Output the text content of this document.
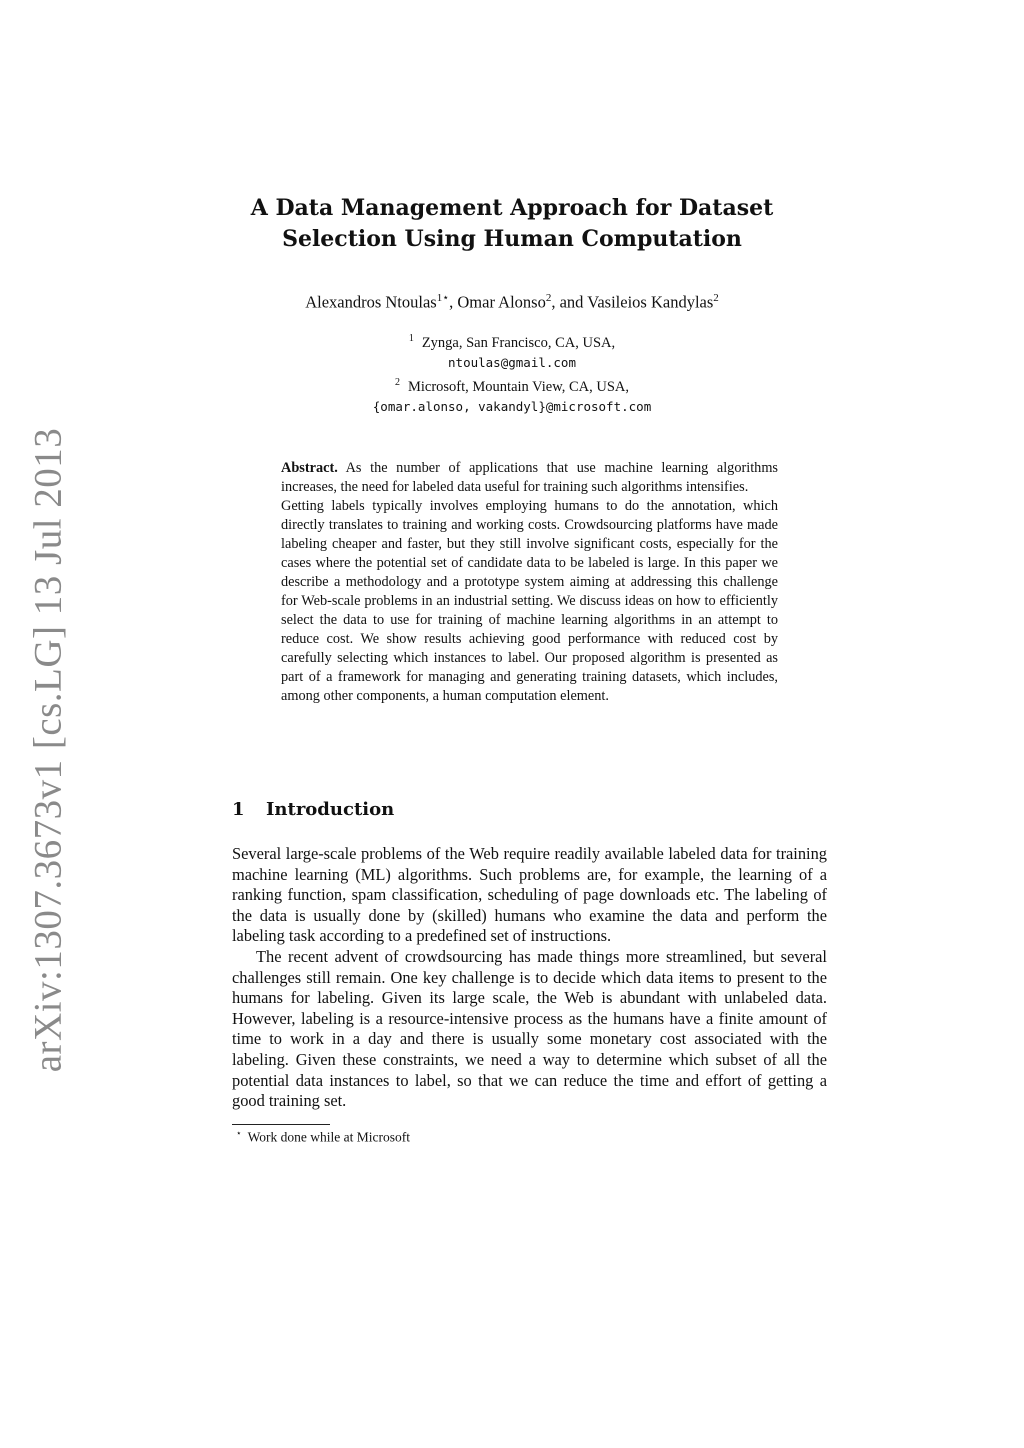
arXiv:1307.3673v1 [cs.LG] 13 Jul 2013
A Data Management Approach for Dataset
Selection Using Human Computation
Alexandros Ntoulas$^{1⋆}$, Omar Alonso$^2$, and Vasileios Kandylas$^2$
$^1$ Zynga, San Francisco, CA, USA,
ntoulas@gmail.com
$^2$ Microsoft, Mountain View, CA, USA,
{omar.alonso, vakandyl}@microsoft.com

Abstract. As the number of applications that use machine learning algorithms increases, the need for labeled data useful for training such algorithms intensifies.

Getting labels typically involves employing humans to do the annotation, which directly translates to training and working costs. Crowdsourcing platforms have made labeling cheaper and faster, but they still involve significant costs, especially for the cases where the potential set of candidate data to be labeled is large. In this paper we describe a methodology and a prototype system aiming at addressing this challenge for Web-scale problems in an industrial setting. We discuss ideas on how to efficiently select the data to use for training of machine learning algorithms in an attempt to reduce cost. We show results achieving good performance with reduced cost by carefully selecting which instances to label. Our proposed algorithm is presented as part of a framework for managing and generating training datasets, which includes, among other components, a human computation element.

1 Introduction

Several large-scale problems of the Web require readily available labeled data for training machine learning (ML) algorithms. Such problems are, for example, the learning of a ranking function, spam classification, scheduling of page downloads etc. The labeling of the data is usually done by (skilled) humans who examine the data and perform the labeling task according to a predefined set of instructions.

The recent advent of crowdsourcing has made things more streamlined, but several challenges still remain. One key challenge is to decide which data items to present to the humans for labeling. Given its large scale, the Web is abundant with unlabeled data. However, labeling is a resource-intensive process as the humans have a finite amount of time to work in a day and there is usually some monetary cost associated with the labeling. Given these constraints, we need a way to determine which subset of all the potential data instances to label, so that we can reduce the time and effort of getting a good training set.

⋆ Work done while at Microsoft
